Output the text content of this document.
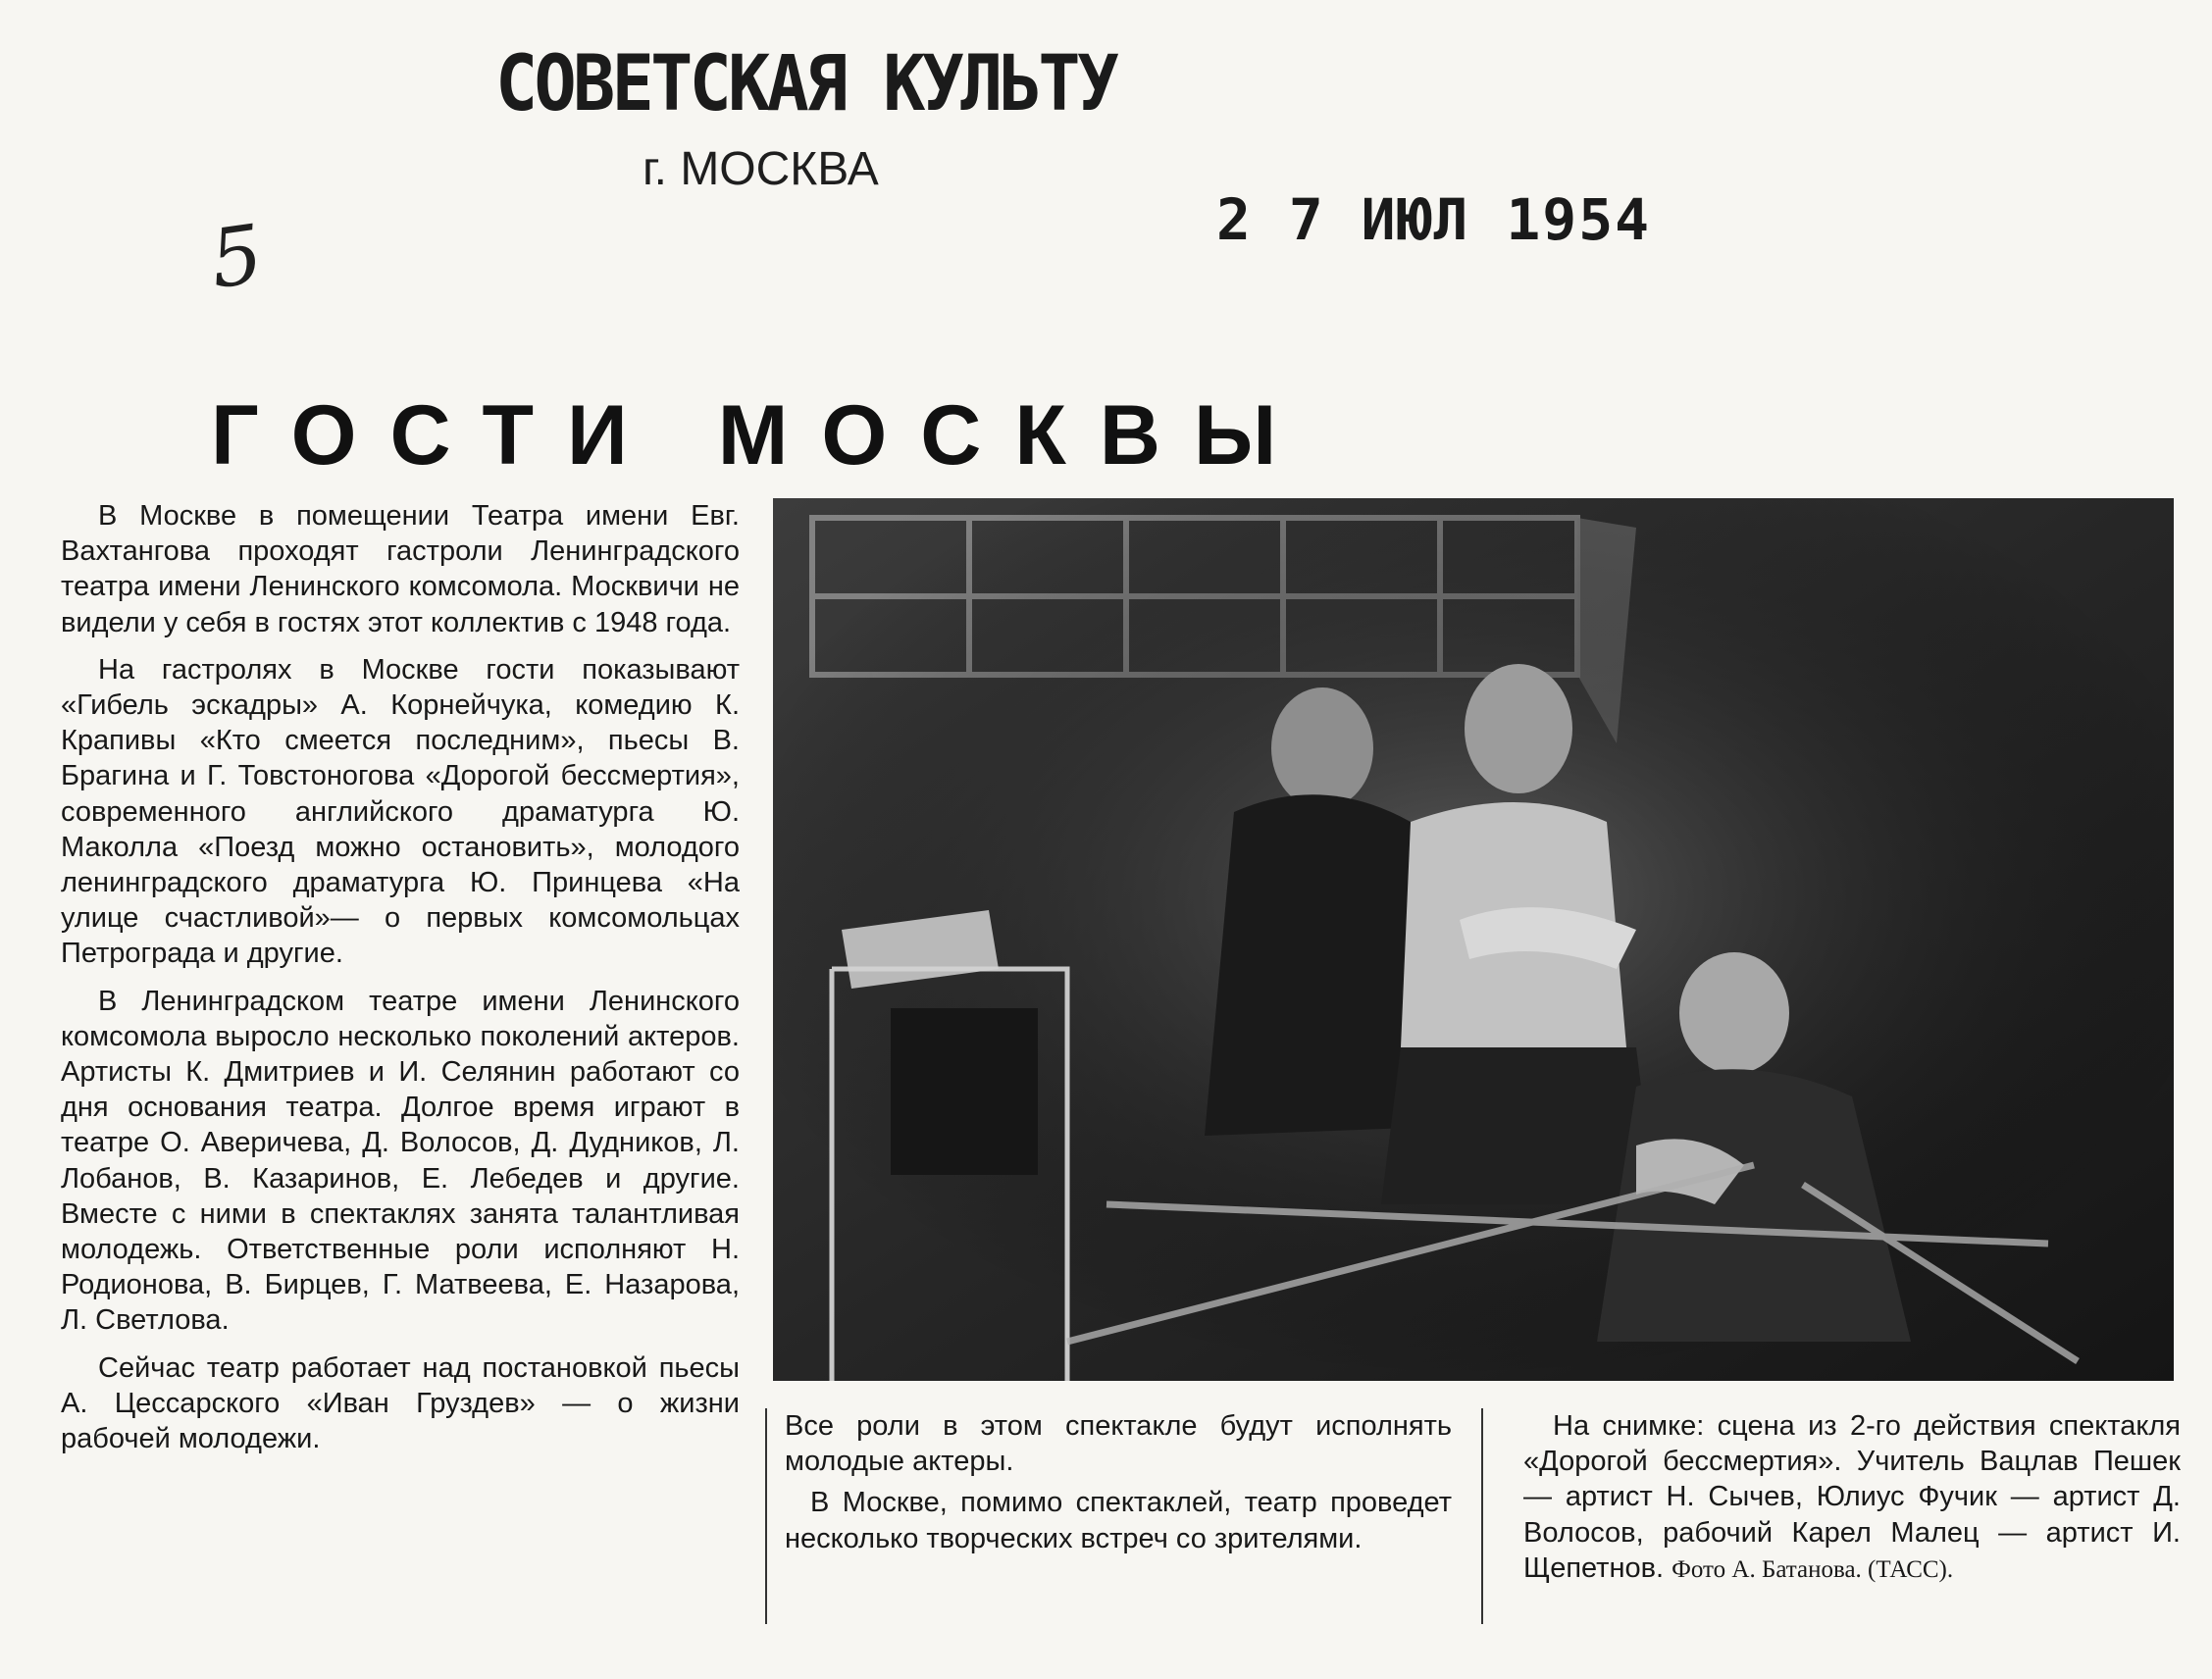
СОВЕТСКАЯ КУЛЬТУ
г. МОСКВА
2 7 ИЮЛ 1954
5
ГОСТИ МОСКВЫ

В Москве в помещении Театра имени Евг. Вахтангова проходят гастроли Ленинградского театра имени Ленинского комсомола. Москвичи не видели у себя в гостях этот коллектив с 1948 года.

На гастролях в Москве гости показывают «Гибель эскадры» А. Корнейчука, комедию К. Крапивы «Кто смеется последним», пьесы В. Брагина и Г. Товстоногова «Дорогой бессмертия», современного английского драматурга Ю. Маколла «Поезд можно остановить», молодого ленинградского драматурга Ю. Принцева «На улице счастливой»— о первых комсомольцах Петрограда и другие.

В Ленинградском театре имени Ленинского комсомола выросло несколько поколений актеров. Артисты К. Дмитриев и И. Селянин работают со дня основания театра. Долгое время играют в театре О. Аверичева, Д. Волосов, Д. Дудников, Л. Лобанов, В. Казаринов, Е. Лебедев и другие. Вместе с ними в спектаклях занята талантливая молодежь. Ответственные роли исполняют Н. Родионова, В. Бирцев, Г. Матвеева, Е. Назарова, Л. Светлова.

Сейчас театр работает над постановкой пьесы А. Цессарского «Иван Груздев» — о жизни рабочей молодежи.	Все роли в этом спектакле будут исполнять молодые актеры.

В Москве, помимо спектаклей, театр проведет несколько творческих встреч со зрителями.

На снимке: сцена из 2-го действия спектакля «Дорогой бессмертия». Учитель Вацлав Пешек — артист Н. Сычев, Юлиус Фучик — артист Д. Волосов, рабочий Карел Малец — артист И. Щепетнов. Фото А. Батанова. (ТАСС).
